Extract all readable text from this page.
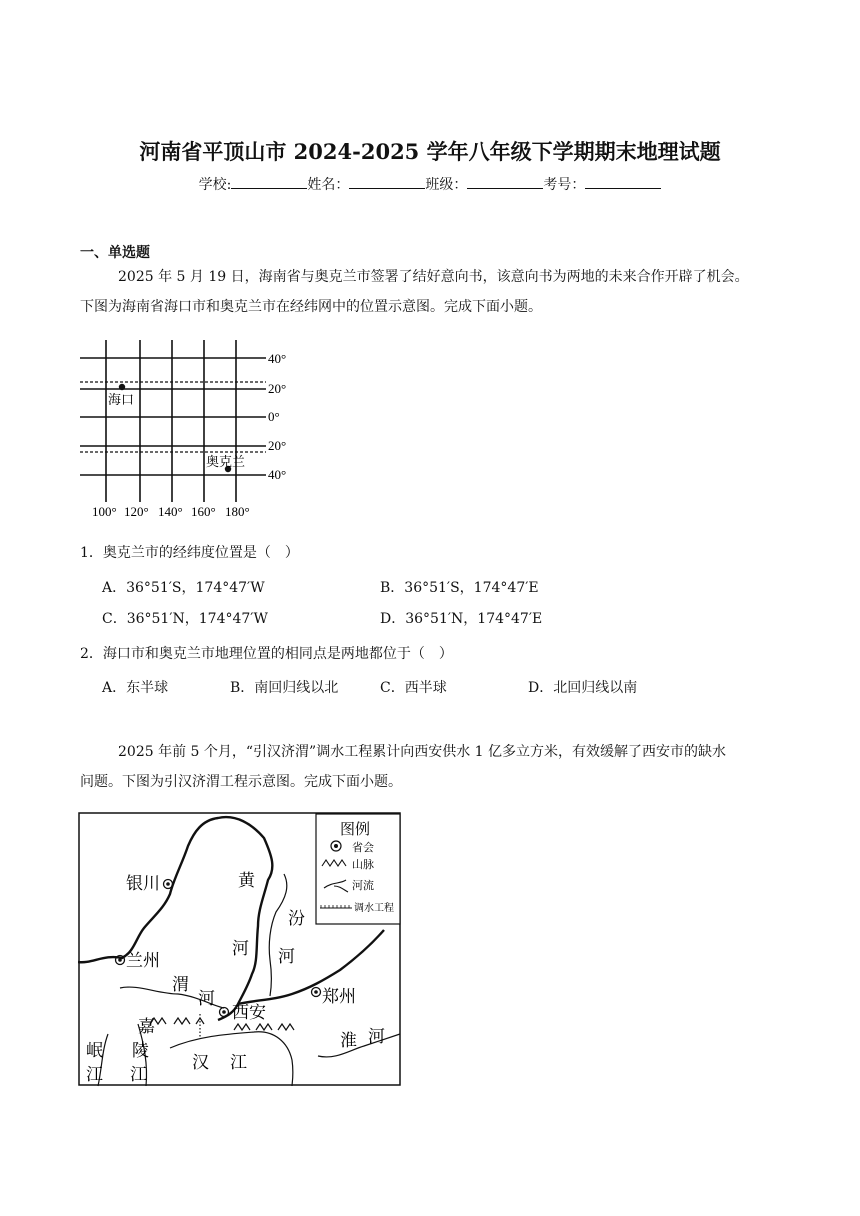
河南省平顶山市 2024-2025 学年八年级下学期期末地理试题
学校:	姓名：	班级：	考号：
一、单选题
2025 年 5 月 19 日，海南省与奥克兰市签署了结好意向书，该意向书为两地的未来合作开辟了机会。
下图为海南省海口市和奥克兰市在经纬网中的位置示意图。完成下面小题。
海口
奥克兰
40°
20°
0°
20°
40°
100° 120° 140° 160° 180°
1．奥克兰市的经纬度位置是（　）
A．36°51′S，174°47′W	B．36°51′S，174°47′E
C．36°51′N，174°47′W	D．36°51′N，174°47′E
2．海口市和奥克兰市地理位置的相同点是两地都位于（　）
A．东半球	B．南回归线以北	C．西半球	D．北回归线以南
2025 年前 5 个月，“引汉济渭”调水工程累计向西安供水 1 亿多立方米，有效缓解了西安市的缺水
问题。下图为引汉济渭工程示意图。完成下面小题。
银川
兰州
西安
郑州
黄
河
汾
河
渭
河
嘉
陵
江
汉 江
岷
江
淮 河
图例
省会
山脉
河流
调水工程
